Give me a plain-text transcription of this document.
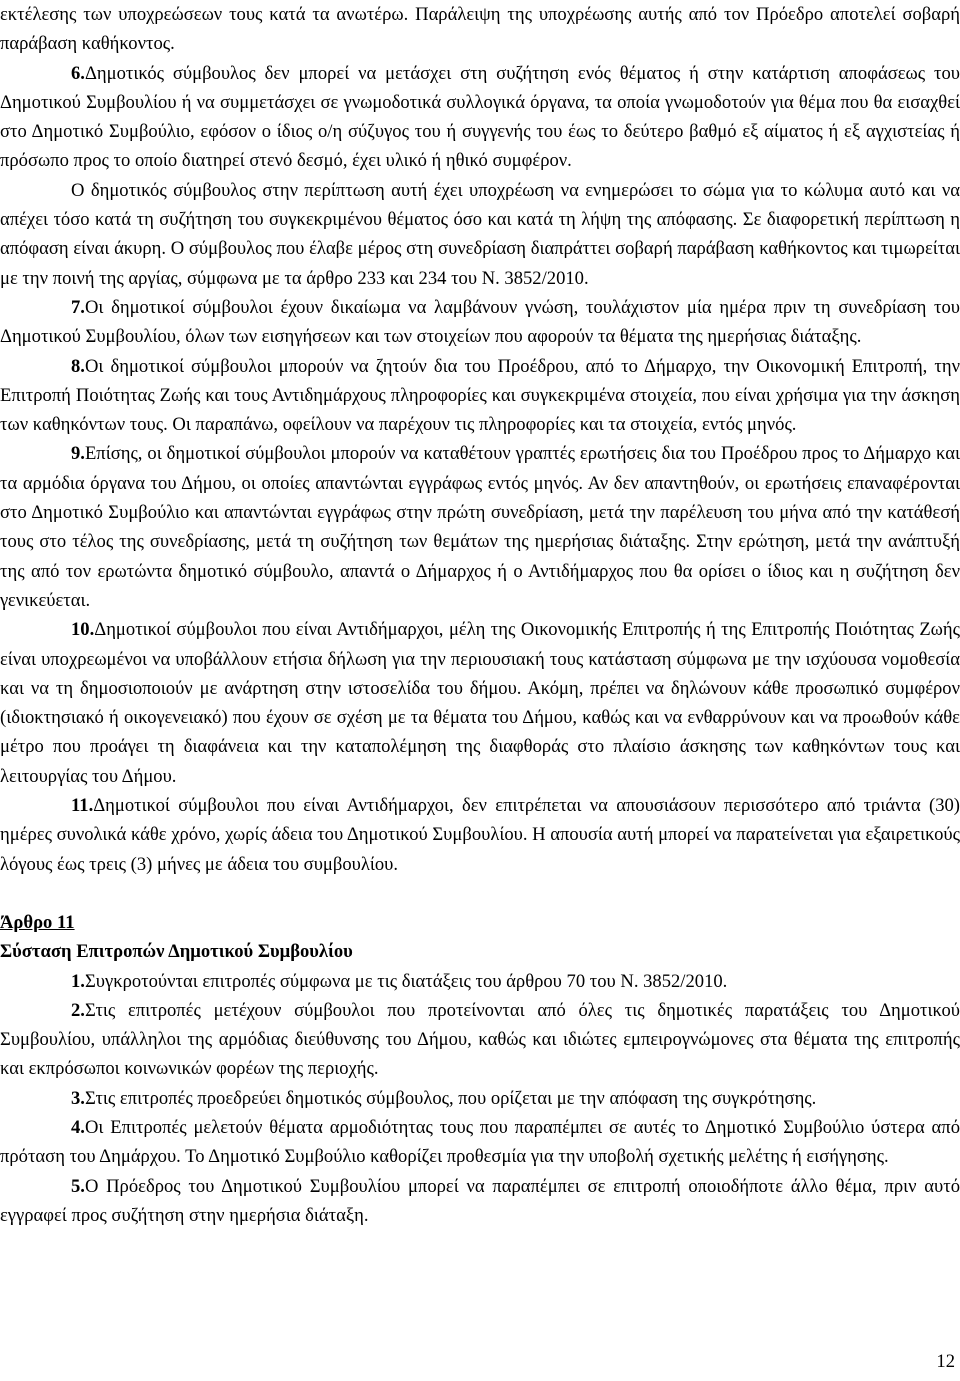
εκτέλεσης των υποχρεώσεων τους κατά τα ανωτέρω. Παράλειψη της υποχρέωσης αυτής από τον Πρόεδρο αποτελεί σοβαρή παράβαση καθήκοντος.

6.Δημοτικός σύμβουλος δεν μπορεί να μετάσχει στη συζήτηση ενός θέματος ή στην κατάρτιση αποφάσεως του Δημοτικού Συμβουλίου ή να συμμετάσχει σε γνωμοδοτικά συλλογικά όργανα, τα οποία γνωμοδοτούν για θέμα που θα εισαχθεί στο Δημοτικό Συμβούλιο, εφόσον ο ίδιος ο/η σύζυγος του ή συγγενής του έως το δεύτερο βαθμό εξ αίματος ή εξ αγχιστείας ή πρόσωπο προς το οποίο διατηρεί στενό δεσμό, έχει υλικό ή ηθικό συμφέρον.

Ο δημοτικός σύμβουλος στην περίπτωση αυτή έχει υποχρέωση να ενημερώσει το σώμα για το κώλυμα αυτό και να απέχει τόσο κατά τη συζήτηση του συγκεκριμένου θέματος όσο και κατά τη λήψη της απόφασης. Σε διαφορετική περίπτωση η απόφαση είναι άκυρη. Ο σύμβουλος που έλαβε μέρος στη συνεδρίαση διαπράττει σοβαρή παράβαση καθήκοντος και τιμωρείται με την ποινή της αργίας, σύμφωνα με τα άρθρο 233 και 234 του Ν. 3852/2010.

7.Οι δημοτικοί σύμβουλοι έχουν δικαίωμα να λαμβάνουν γνώση, τουλάχιστον μία ημέρα πριν τη συνεδρίαση του Δημοτικού Συμβουλίου, όλων των εισηγήσεων και των στοιχείων που αφορούν τα θέματα της ημερήσιας διάταξης.

8.Οι δημοτικοί σύμβουλοι μπορούν να ζητούν δια του Προέδρου, από το Δήμαρχο, την Οικονομική Επιτροπή, την Επιτροπή Ποιότητας Ζωής και τους Αντιδημάρχους πληροφορίες και συγκεκριμένα στοιχεία, που είναι χρήσιμα για την άσκηση των καθηκόντων τους. Οι παραπάνω, οφείλουν να παρέχουν τις πληροφορίες και τα στοιχεία, εντός μηνός.

9.Επίσης, οι δημοτικοί σύμβουλοι μπορούν να καταθέτουν γραπτές ερωτήσεις δια του Προέδρου προς το Δήμαρχο και τα αρμόδια όργανα του Δήμου, οι οποίες απαντώνται εγγράφως εντός μηνός. Αν δεν απαντηθούν, οι ερωτήσεις επαναφέρονται στο Δημοτικό Συμβούλιο και απαντώνται εγγράφως στην πρώτη συνεδρίαση, μετά την παρέλευση του μήνα από την κατάθεσή τους στο τέλος της συνεδρίασης, μετά τη συζήτηση των θεμάτων της ημερήσιας διάταξης. Στην ερώτηση, μετά την ανάπτυξή της από τον ερωτώντα δημοτικό σύμβουλο, απαντά ο Δήμαρχος ή ο Αντιδήμαρχος που θα ορίσει ο ίδιος και η συζήτηση δεν γενικεύεται.

10.Δημοτικοί σύμβουλοι που είναι Αντιδήμαρχοι, μέλη της Οικονομικής Επιτροπής ή της Επιτροπής Ποιότητας Ζωής είναι υποχρεωμένοι να υποβάλλουν ετήσια δήλωση για την περιουσιακή τους κατάσταση σύμφωνα με την ισχύουσα νομοθεσία και να τη δημοσιοποιούν με ανάρτηση στην ιστοσελίδα του δήμου. Ακόμη, πρέπει να δηλώνουν κάθε προσωπικό συμφέρον (ιδιοκτησιακό ή οικογενειακό) που έχουν σε σχέση με τα θέματα του Δήμου, καθώς και να ενθαρρύνουν και να προωθούν κάθε μέτρο που προάγει τη διαφάνεια και την καταπολέμηση της διαφθοράς στο πλαίσιο άσκησης των καθηκόντων τους και λειτουργίας του Δήμου.

11.Δημοτικοί σύμβουλοι που είναι Αντιδήμαρχοι, δεν επιτρέπεται να απουσιάσουν περισσότερο από τριάντα (30) ημέρες συνολικά κάθε χρόνο, χωρίς άδεια του Δημοτικού Συμβουλίου. Η απουσία αυτή μπορεί να παρατείνεται για εξαιρετικούς λόγους έως τρεις (3) μήνες με άδεια του συμβουλίου.

Άρθρο 11

Σύσταση Επιτροπών Δημοτικού Συμβουλίου

1.Συγκροτούνται επιτροπές σύμφωνα με τις διατάξεις του άρθρου 70 του Ν. 3852/2010.

2.Στις επιτροπές μετέχουν σύμβουλοι που προτείνονται από όλες τις δημοτικές παρατάξεις του Δημοτικού Συμβουλίου, υπάλληλοι της αρμόδιας διεύθυνσης του Δήμου, καθώς και ιδιώτες εμπειρογνώμονες στα θέματα της επιτροπής και εκπρόσωποι κοινωνικών φορέων της περιοχής.

3.Στις επιτροπές προεδρεύει δημοτικός σύμβουλος, που ορίζεται με την απόφαση της συγκρότησης.

4.Οι Επιτροπές μελετούν θέματα αρμοδιότητας τους που παραπέμπει σε αυτές το Δημοτικό Συμβούλιο ύστερα από πρόταση του Δημάρχου. Το Δημοτικό Συμβούλιο καθορίζει προθεσμία για την υποβολή σχετικής μελέτης ή εισήγησης.

5.Ο Πρόεδρος του Δημοτικού Συμβουλίου μπορεί να παραπέμπει σε επιτροπή οποιοδήποτε άλλο θέμα, πριν αυτό εγγραφεί προς συζήτηση στην ημερήσια διάταξη.

12
